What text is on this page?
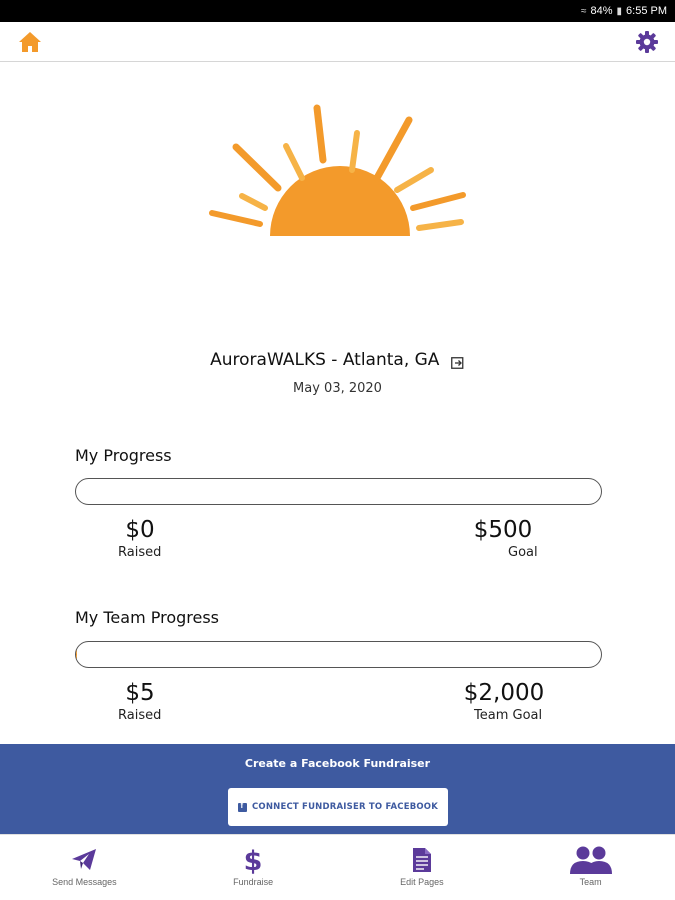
≈ 84% ▮ 6:55 PM
AuroraWALKS - Atlanta, GA
May 03, 2020
My Progress
$0
Raised
$500
Goal
My Team Progress
$5
Raised
$2,000
Team Goal
Create a Facebook Fundraiser
f
CONNECT FUNDRAISER TO FACEBOOK
Send Messages
$
Fundraise	Edit Pages	Team
